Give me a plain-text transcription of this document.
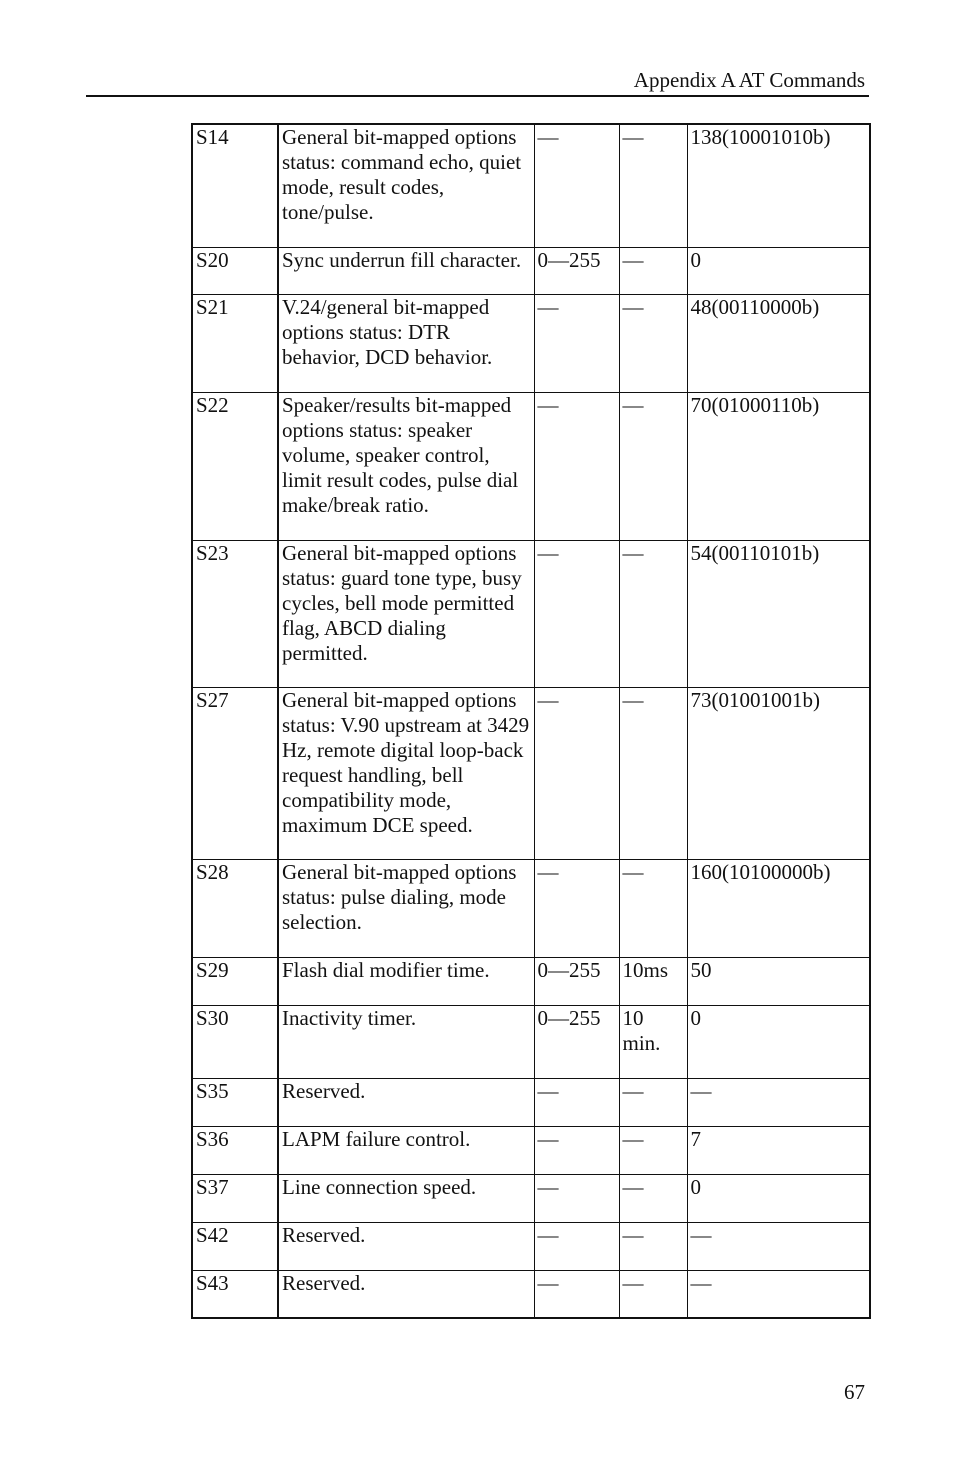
Appendix A AT Commands
S14	General bit-mapped options status: command echo, quiet mode, result codes, tone/pulse.	—	—	138(10001010b)
S20	Sync underrun fill character.	0—255	—	0
S21	V.24/general bit-mapped options status: DTR behavior, DCD behavior.	—	—	48(00110000b)
S22	Speaker/results bit-mapped options status: speaker volume, speaker control, limit result codes, pulse dial make/break ratio.	—	—	70(01000110b)
S23	General bit-mapped options status: guard tone type, busy cycles, bell mode permitted flag, ABCD dialing permitted.	—	—	54(00110101b)
S27	General bit-mapped options status: V.90 upstream at 3429 Hz, remote digital loop-back request handling, bell compatibility mode, maximum DCE speed.	—	—	73(01001001b)
S28	General bit-mapped options status: pulse dialing, mode selection.	—	—	160(10100000b)
S29	Flash dial modifier time.	0—255	10ms	50
S30	Inactivity timer.	0—255	10 min.	0
S35	Reserved.	—	—	—
S36	LAPM failure control.	—	—	7
S37	Line connection speed.	—	—	0
S42	Reserved.	—	—	—
S43	Reserved.	—	—	—
67
